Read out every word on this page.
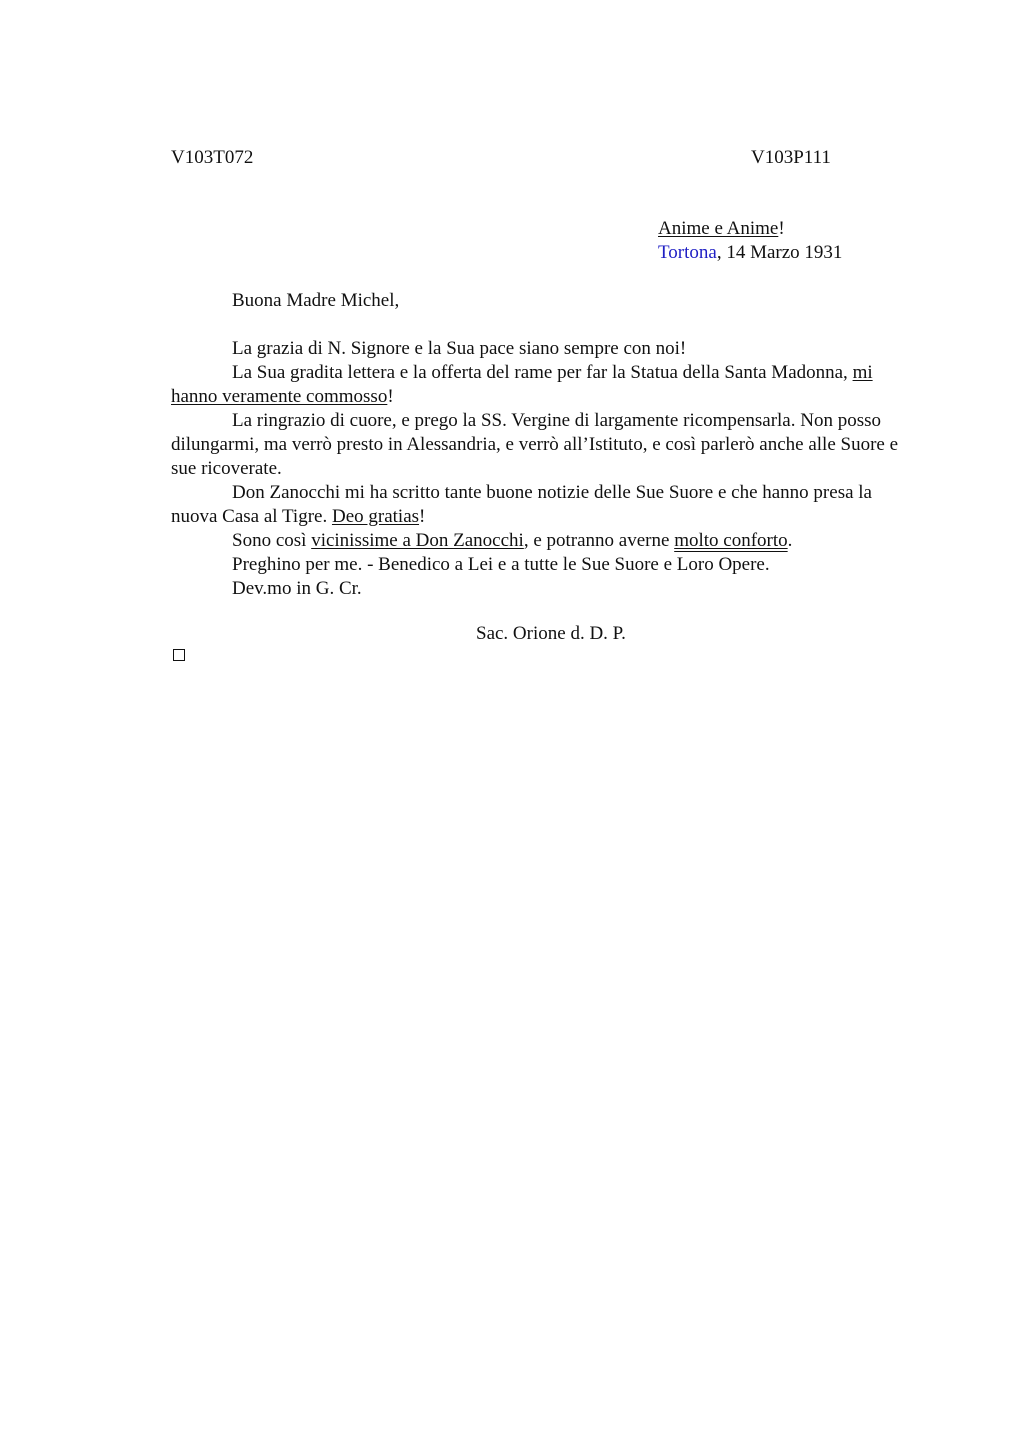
V103T072	V103P111
Anime e Anime!
Tortona, 14 Marzo 1931
Buona Madre Michel,

La grazia di N. Signore e la Sua pace siano sempre con noi!

La Sua gradita lettera e la offerta del rame per far la Statua della Santa Madonna, mi hanno veramente commosso!

La ringrazio di cuore, e prego la SS. Vergine di largamente ricompensarla. Non posso dilungarmi, ma verrò presto in Alessandria, e verrò all’Istituto, e così parlerò anche alle Suore e sue ricoverate.

Don Zanocchi mi ha scritto tante buone notizie delle Sue Suore e che hanno presa la nuova Casa al Tigre. Deo gratias!

Sono così vicinissime a Don Zanocchi, e potranno averne molto conforto.

Preghino per me. - Benedico a Lei e a tutte le Sue Suore e Loro Opere.

Dev.mo in G. Cr.

Sac. Orione d. D. P.
